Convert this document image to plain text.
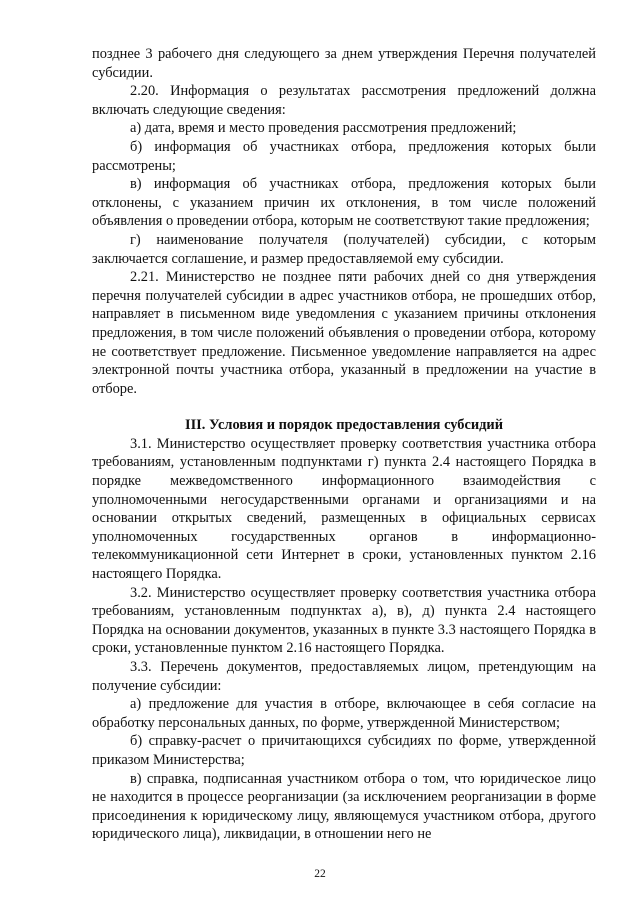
позднее 3 рабочего дня следующего за днем утверждения Перечня получателей субсидии.

2.20. Информация о результатах рассмотрения предложений должна включать следующие сведения:

а) дата, время и место проведения рассмотрения предложений;

б) информация об участниках отбора, предложения которых были рассмотрены;

в) информация об участниках отбора, предложения которых были отклонены, с указанием причин их отклонения, в том числе положений объявления о проведении отбора, которым не соответствуют такие предложения;

г) наименование получателя (получателей) субсидии, с которым заключается соглашение, и размер предоставляемой ему субсидии.

2.21. Министерство не позднее пяти рабочих дней со дня утверждения перечня получателей субсидии в адрес участников отбора, не прошедших отбор, направляет в письменном виде уведомления с указанием причины отклонения предложения, в том числе положений объявления о проведении отбора, которому не соответствует предложение. Письменное уведомление направляется на адрес электронной почты участника отбора, указанный в предложении на участие в отборе.

III. Условия и порядок предоставления субсидий

3.1. Министерство осуществляет проверку соответствия участника отбора требованиям, установленным подпунктами г) пункта 2.4 настоящего Порядка в порядке межведомственного информационного взаимодействия с уполномоченными негосударственными органами и организациями и на основании открытых сведений, размещенных в официальных сервисах уполномоченных государственных органов в информационно-телекоммуникационной сети Интернет в сроки, установленных пунктом 2.16 настоящего Порядка.

3.2. Министерство осуществляет проверку соответствия участника отбора требованиям, установленным подпунктах а), в), д) пункта 2.4 настоящего Порядка на основании документов, указанных в пункте 3.3 настоящего Порядка в сроки, установленные пунктом 2.16 настоящего Порядка.

3.3. Перечень документов, предоставляемых лицом, претендующим на получение субсидии:

а) предложение для участия в отборе, включающее в себя согласие на обработку персональных данных, по форме, утвержденной Министерством;

б) справку-расчет о причитающихся субсидиях по форме, утвержденной приказом Министерства;

в) справка, подписанная участником отбора о том, что юридическое лицо не находится в процессе реорганизации (за исключением реорганизации в форме присоединения к юридическому лицу, являющемуся участником отбора, другого юридического лица), ликвидации, в отношении него не

22
